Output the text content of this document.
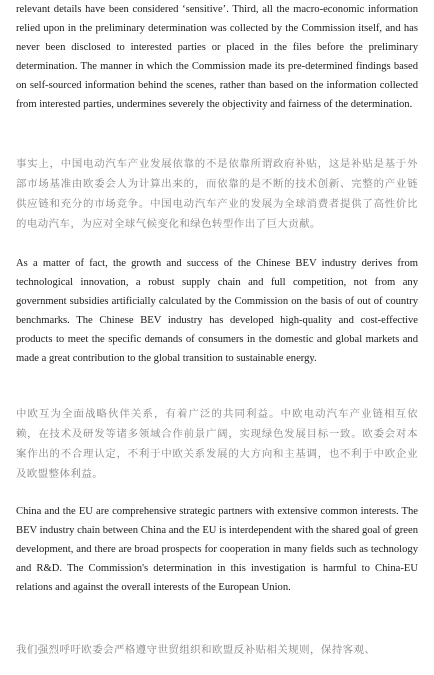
relevant details have been considered ‘sensitive’. Third, all the macro-economic information relied upon in the preliminary determination was collected by the Commission itself, and has never been disclosed to interested parties or placed in the files before the preliminary determination. The manner in which the Commission made its pre-determined findings based on self-sourced information behind the scenes, rather than based on the information collected from interested parties, undermines severely the objectivity and fairness of the determination.

事实上，中国电动汽车产业发展依靠的不是依靠所谓政府补贴，这是补贴是基于外部市场基准由欧委会人为计算出来的，而依靠的是不断的技术创新、完整的产业链供应链和充分的市场竞争。中国电动汽车产业的发展为全球消费者提供了高性价比的电动汽车，为应对全球气候变化和绿色转型作出了巨大贡献。

As a matter of fact, the growth and success of the Chinese BEV industry derives from technological innovation, a robust supply chain and full competition, not from any government subsidies artificially calculated by the Commission on the basis of out of country benchmarks. The Chinese BEV industry has developed high-quality and cost-effective products to meet the specific demands of consumers in the domestic and global markets and made a great contribution to the global transition to sustainable energy.

中欧互为全面战略伙伴关系，有着广泛的共同利益。中欧电动汽车产业链相互依赖，在技术及研发等诸多领域合作前景广阔，实现绿色发展目标一致。欧委会对本案作出的不合理认定，不利于中欧关系发展的大方向和主基调，也不利于中欧企业及欧盟整体利益。

China and the EU are comprehensive strategic partners with extensive common interests. The BEV industry chain between China and the EU is interdependent with the shared goal of green development, and there are broad prospects for cooperation in many fields such as technology and R&D. The Commission's determination in this investigation is harmful to China-EU relations and against the overall interests of the European Union.

我们强烈呼吁欧委会严格遵守世贸组织和欧盟反补贴相关规则，保持客观、
